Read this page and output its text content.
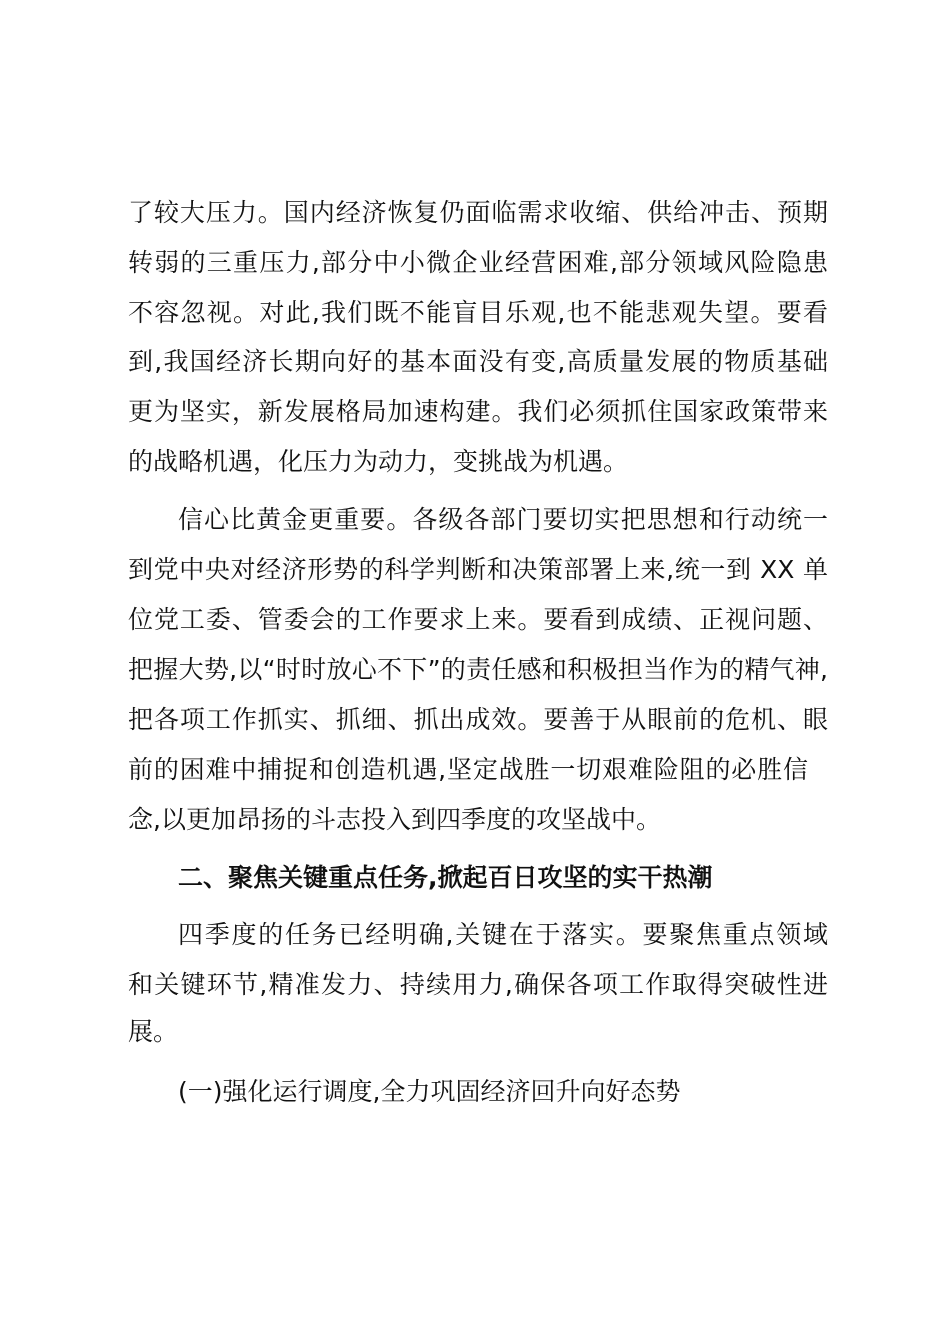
了较大压力。国内经济恢复仍面临需求收缩、供给冲击、预期
转弱的三重压力,部分中小微企业经营困难,部分领域风险隐患
不容忽视。对此,我们既不能盲目乐观,也不能悲观失望。要看
到,我国经济长期向好的基本面没有变,高质量发展的物质基础
更为坚实，新发展格局加速构建。我们必须抓住国家政策带来
的战略机遇，化压力为动力，变挑战为机遇。
信心比黄金更重要。各级各部门要切实把思想和行动统一
到党中央对经济形势的科学判断和决策部署上来,统一到 XX 单
位党工委、管委会的工作要求上来。要看到成绩、正视问题、
把握大势,以“时时放心不下”的责任感和积极担当作为的精气神,
把各项工作抓实、抓细、抓出成效。要善于从眼前的危机、眼
前的困难中捕捉和创造机遇,坚定战胜一切艰难险阻的必胜信
念,以更加昂扬的斗志投入到四季度的攻坚战中。
二、聚焦关键重点任务,掀起百日攻坚的实干热潮
四季度的任务已经明确,关键在于落实。要聚焦重点领域
和关键环节,精准发力、持续用力,确保各项工作取得突破性进
展。
(一)强化运行调度,全力巩固经济回升向好态势
